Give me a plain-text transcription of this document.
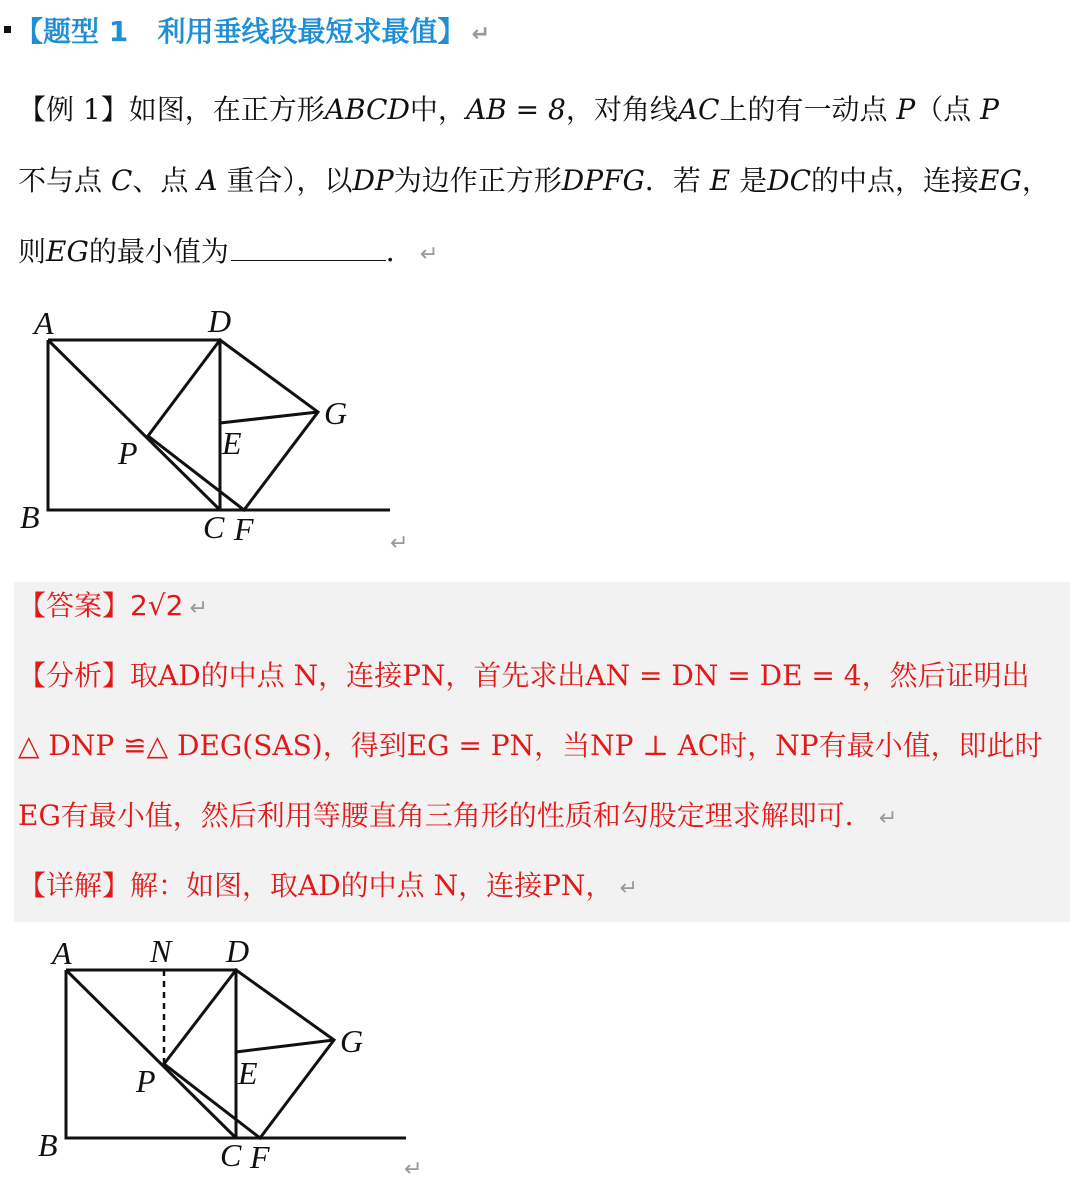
【题型 1 利用垂线段最短求最值】 ↵
【例 1】如图，在正方形ABCD中，AB = 8，对角线AC上的有一动点 P（点 P
不与点 C、点 A 重合），以DP为边作正方形DPFG．若 E 是DC的中点，连接EG，
则EG的最小值为	． ↵
A	D
G
E
P
B	C F	↵
【答案】2√2 ↵
【分析】取AD的中点 N，连接PN，首先求出AN = DN = DE = 4，然后证明出
△ DNP ≌△ DEG(SAS)，得到EG = PN，当NP ⊥ AC时，NP有最小值，即此时
EG有最小值，然后利用等腰直角三角形的性质和勾股定理求解即可． ↵
【详解】解：如图，取AD的中点 N，连接PN， ↵
A N D
G
E
P
B	C F	↵
